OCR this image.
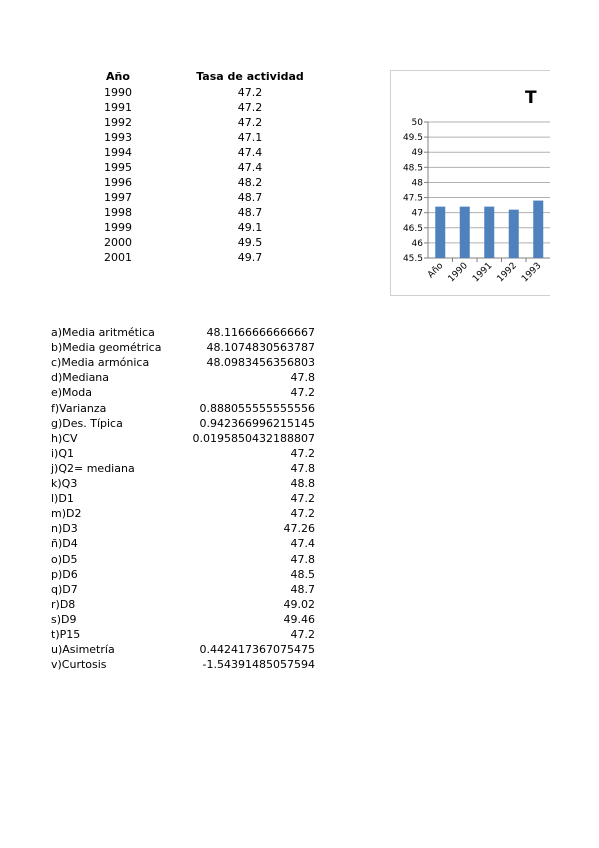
Año	Tasa de actividad
1990	47.2
1991	47.2
1992	47.2
1993	47.1
1994	47.4
1995	47.4
1996	48.2
1997	48.7
1998	48.7
1999	49.1
2000	49.5
2001	49.7
T
50
49.5
49
48.5
48
47.5
47
46.5
46
45.5
Año 1990 1991 1992 1993
a)Media aritmética	48.1166666666667
b)Media geométrica	48.1074830563787
c)Media armónica	48.0983456356803
d)Mediana	47.8
e)Moda	47.2
f)Varianza	0.888055555555556
g)Des. Típica	0.942366996215145
h)CV	0.0195850432188807
i)Q1	47.2
j)Q2= mediana	47.8
k)Q3	48.8
l)D1	47.2
m)D2	47.2
n)D3	47.26
ñ)D4	47.4
o)D5	47.8
p)D6	48.5
q)D7	48.7
r)D8	49.02
s)D9	49.46
t)P15	47.2
u)Asimetría	0.442417367075475
v)Curtosis	-1.54391485057594
